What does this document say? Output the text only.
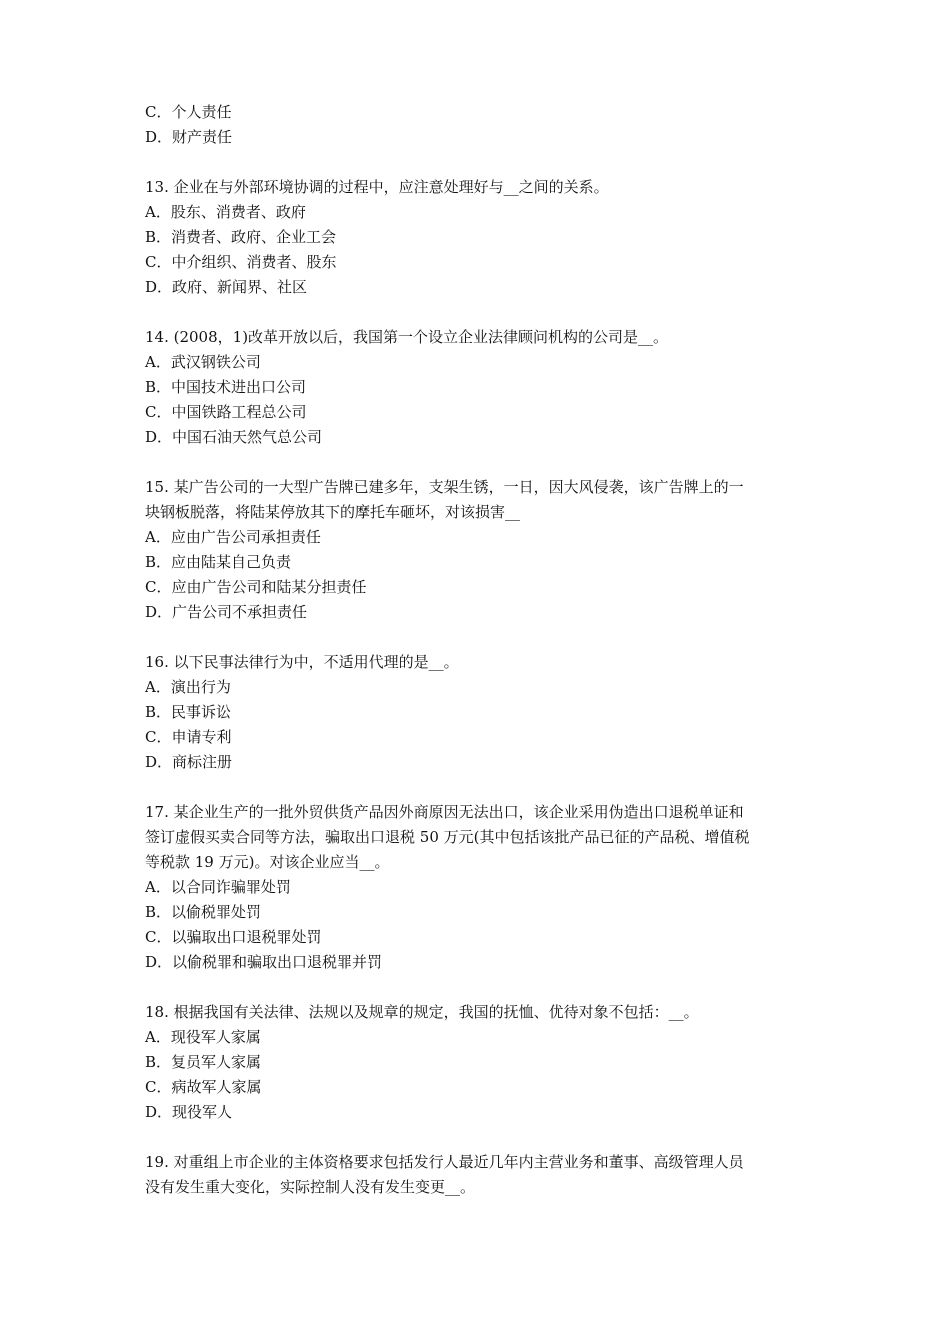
C．个人责任
D．财产责任
13. 企业在与外部环境协调的过程中，应注意处理好与__之间的关系。
A．股东、消费者、政府
B．消费者、政府、企业工会
C．中介组织、消费者、股东
D．政府、新闻界、社区
14. (2008，1)改革开放以后，我国第一个设立企业法律顾问机构的公司是__。
A．武汉钢铁公司
B．中国技术进出口公司
C．中国铁路工程总公司
D．中国石油天然气总公司
15. 某广告公司的一大型广告牌已建多年，支架生锈，一日，因大风侵袭，该广告牌上的一
块钢板脱落，将陆某停放其下的摩托车砸坏，对该损害__
A．应由广告公司承担责任
B．应由陆某自己负责
C．应由广告公司和陆某分担责任
D．广告公司不承担责任
16. 以下民事法律行为中，不适用代理的是__。
A．演出行为
B．民事诉讼
C．申请专利
D．商标注册
17. 某企业生产的一批外贸供货产品因外商原因无法出口，该企业采用伪造出口退税单证和
签订虚假买卖合同等方法，骗取出口退税 50 万元(其中包括该批产品已征的产品税、增值税
等税款 19 万元)。对该企业应当__。
A．以合同诈骗罪处罚
B．以偷税罪处罚
C．以骗取出口退税罪处罚
D．以偷税罪和骗取出口退税罪并罚
18. 根据我国有关法律、法规以及规章的规定，我国的抚恤、优待对象不包括：__。
A．现役军人家属
B．复员军人家属
C．病故军人家属
D．现役军人
19. 对重组上市企业的主体资格要求包括发行人最近几年内主营业务和董事、高级管理人员
没有发生重大变化，实际控制人没有发生变更__。
